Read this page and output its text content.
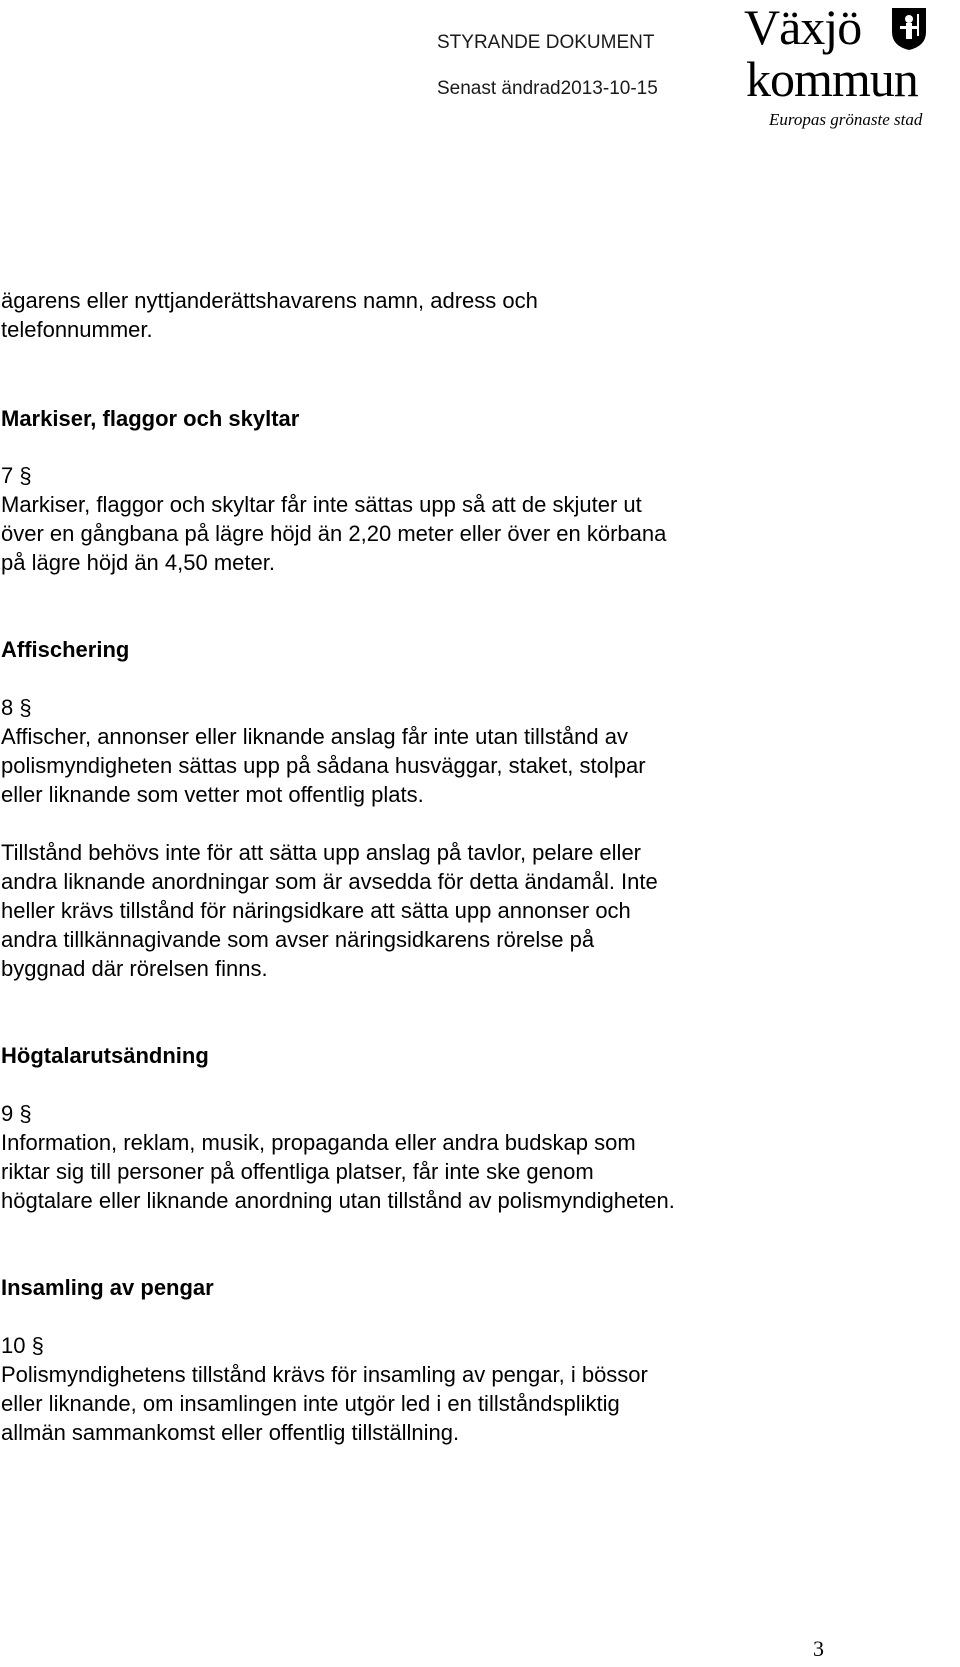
STYRANDE DOKUMENT
Senast ändrad2013-10-15
Växjö
kommun
Europas grönaste stad
ägarens eller nyttjanderättshavarens namn, adress och
telefonnummer.
Markiser, flaggor och skyltar
7 §
Markiser, flaggor och skyltar får inte sättas upp så att de skjuter ut
över en gångbana på lägre höjd än 2,20 meter eller över en körbana
på lägre höjd än 4,50 meter.
Affischering
8 §
Affischer, annonser eller liknande anslag får inte utan tillstånd av
polismyndigheten sättas upp på sådana husväggar, staket, stolpar
eller liknande som vetter mot offentlig plats.
Tillstånd behövs inte för att sätta upp anslag på tavlor, pelare eller
andra liknande anordningar som är avsedda för detta ändamål. Inte
heller krävs tillstånd för näringsidkare att sätta upp annonser och
andra tillkännagivande som avser näringsidkarens rörelse på
byggnad där rörelsen finns.
Högtalarutsändning
9 §
Information, reklam, musik, propaganda eller andra budskap som
riktar sig till personer på offentliga platser, får inte ske genom
högtalare eller liknande anordning utan tillstånd av polismyndigheten.
Insamling av pengar
10 §
Polismyndighetens tillstånd krävs för insamling av pengar, i bössor
eller liknande, om insamlingen inte utgör led i en tillståndspliktig
allmän sammankomst eller offentlig tillställning.
3
